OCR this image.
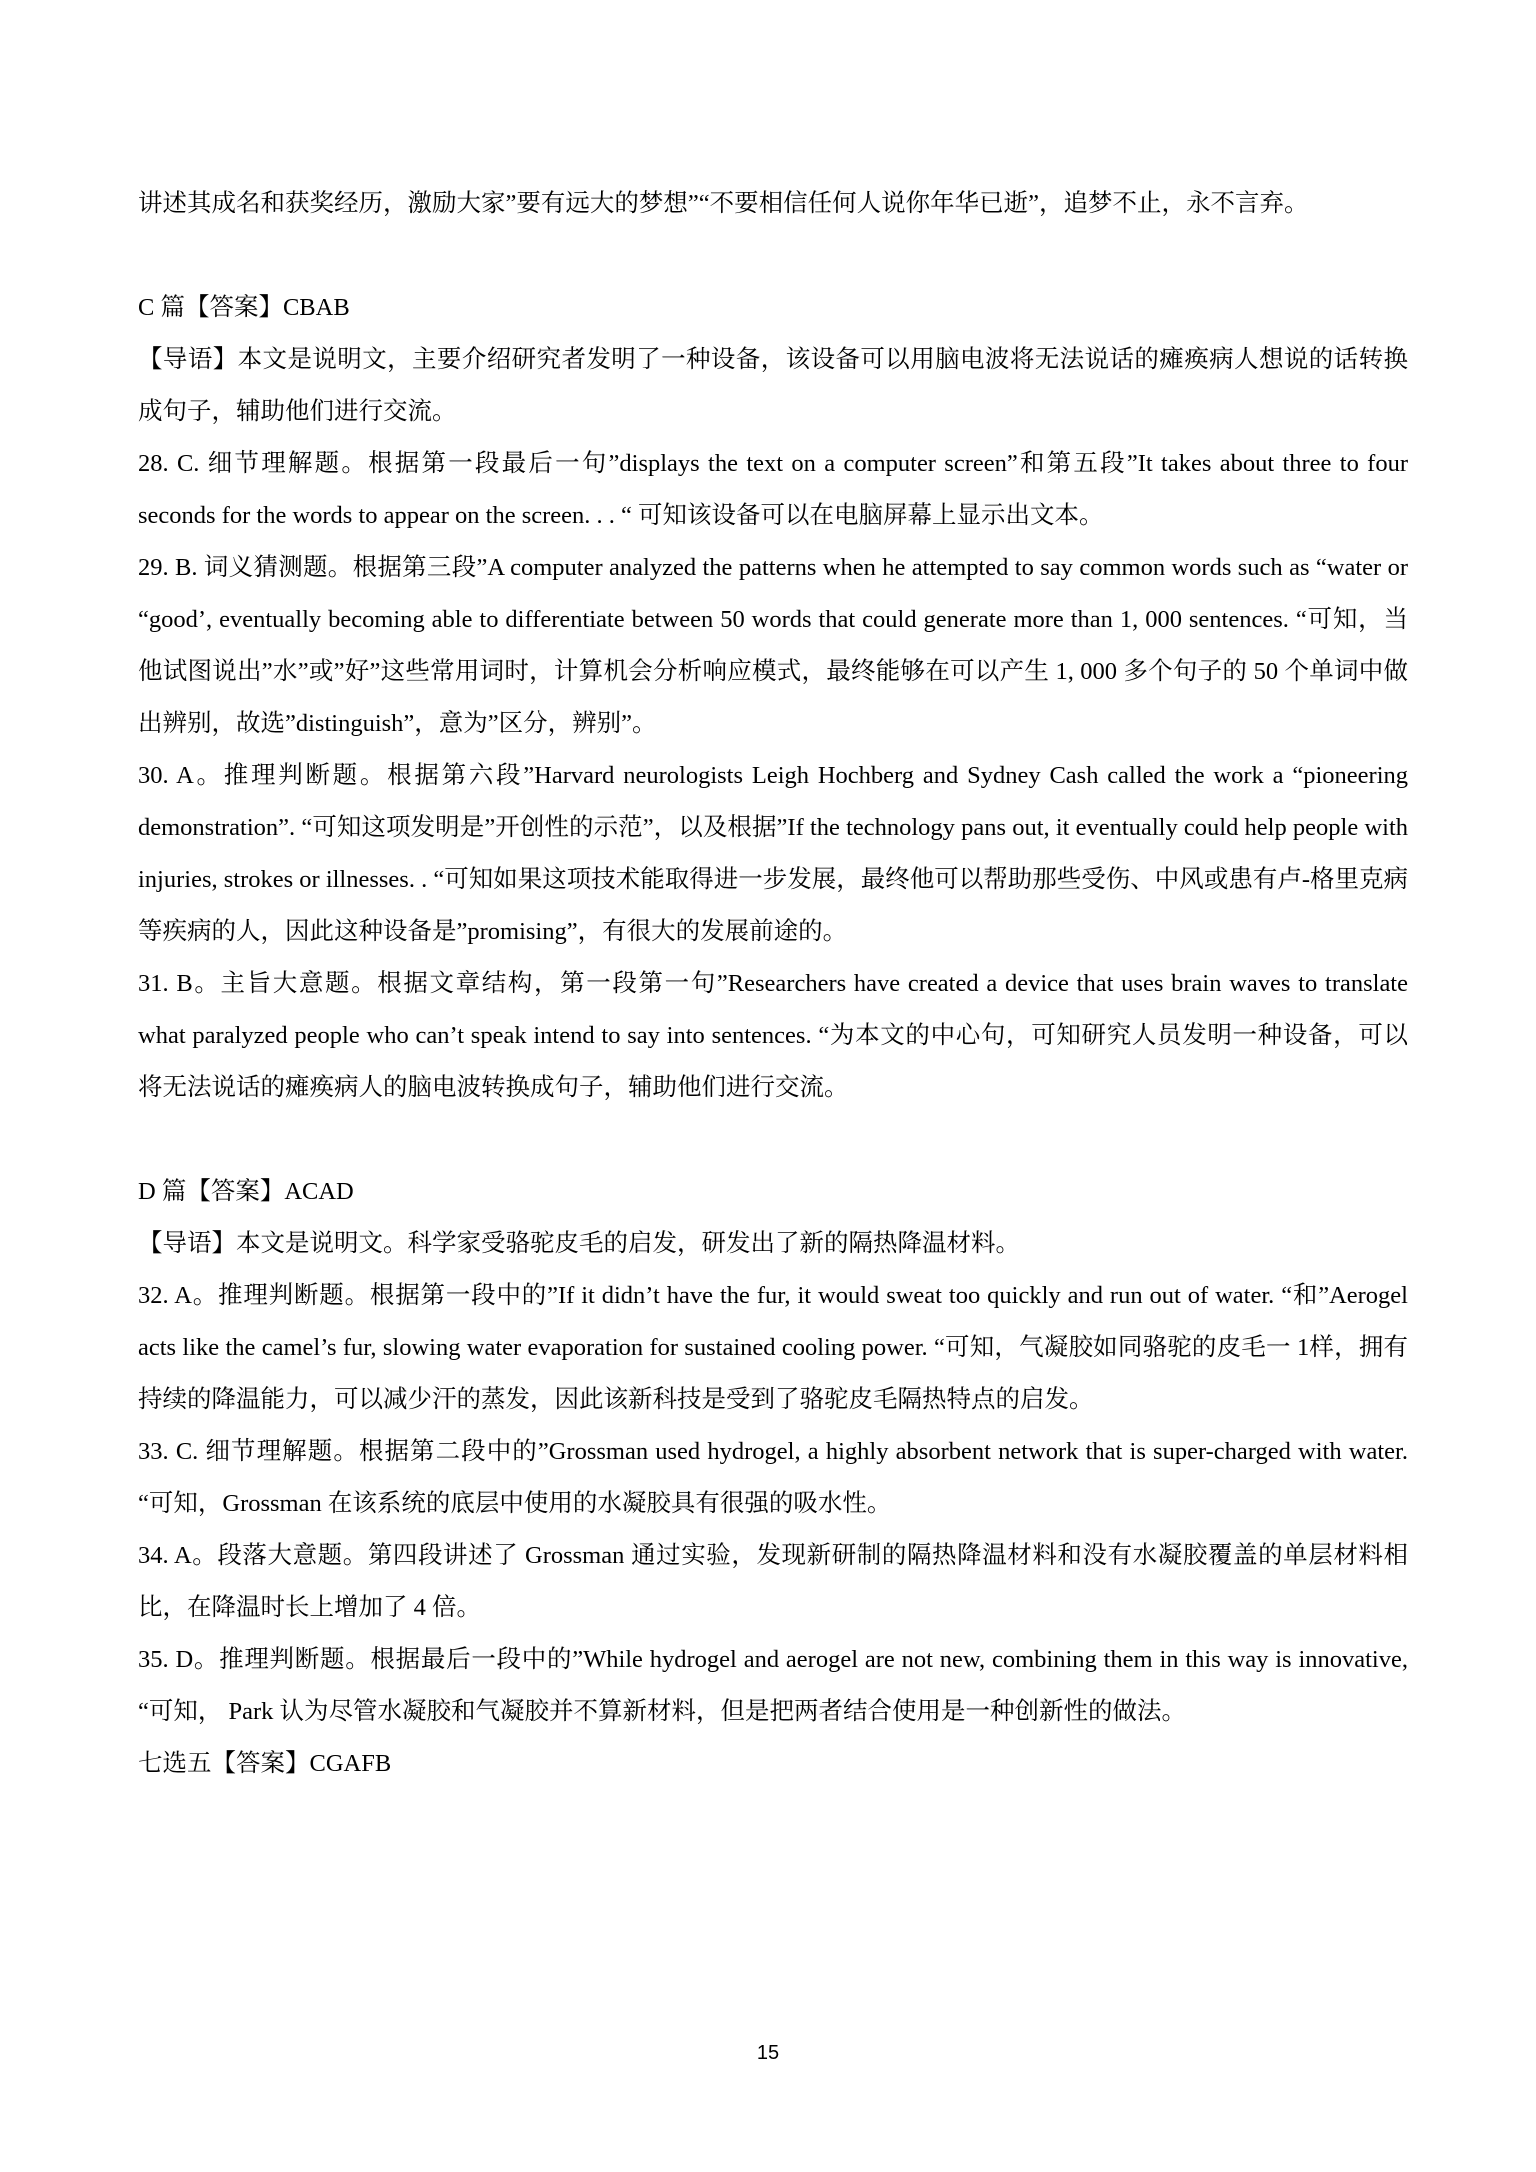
讲述其成名和获奖经历，激励大家”要有远大的梦想”“不要相信任何人说你年华已逝”，追梦不止，永不言弃。

C 篇【答案】CBAB

【导语】本文是说明文，主要介绍研究者发明了一种设备，该设备可以用脑电波将无法说话的瘫痪病人想说的话转换成句子，辅助他们进行交流。

28. C. 细节理解题。根据第一段最后一句”displays the text on a computer screen”和第五段”It takes about three to four seconds for the words to appear on the screen. . . “ 可知该设备可以在电脑屏幕上显示出文本。

29. B. 词义猜测题。根据第三段”A computer analyzed the patterns when he attempted to say common words such as “water or “good’, eventually becoming able to differentiate between 50 words that could generate more than 1, 000 sentences. “可知，当他试图说出”水”或”好”这些常用词时，计算机会分析响应模式，最终能够在可以产生 1, 000 多个句子的 50 个单词中做出辨别，故选”distinguish”，意为”区分，辨别”。

30. A。推理判断题。根据第六段”Harvard neurologists Leigh Hochberg and Sydney Cash called the work a “pioneering demonstration”. “可知这项发明是”开创性的示范”，以及根据”If the technology pans out, it eventually could help people with injuries, strokes or illnesses. . “可知如果这项技术能取得进一步发展，最终他可以帮助那些受伤、中风或患有卢-格里克病等疾病的人，因此这种设备是”promising”，有很大的发展前途的。

31. B。主旨大意题。根据文章结构，第一段第一句”Researchers have created a device that uses brain waves to translate what paralyzed people who can’t speak intend to say into sentences. “为本文的中心句，可知研究人员发明一种设备，可以将无法说话的瘫痪病人的脑电波转换成句子，辅助他们进行交流。

D 篇【答案】ACAD

【导语】本文是说明文。科学家受骆驼皮毛的启发，研发出了新的隔热降温材料。

32. A。推理判断题。根据第一段中的”If it didn’t have the fur, it would sweat too quickly and run out of water. “和”Aerogel acts like the camel’s fur, slowing water evaporation for sustained cooling power. “可知，气凝胶如同骆驼的皮毛一 1样，拥有持续的降温能力，可以减少汗的蒸发，因此该新科技是受到了骆驼皮毛隔热特点的启发。

33. C. 细节理解题。根据第二段中的”Grossman used hydrogel, a highly absorbent network that is super-charged with water. “可知，Grossman 在该系统的底层中使用的水凝胶具有很强的吸水性。

34. A。段落大意题。第四段讲述了 Grossman 通过实验，发现新研制的隔热降温材料和没有水凝胶覆盖的单层材料相比，在降温时长上增加了 4 倍。

35. D。推理判断题。根据最后一段中的”While hydrogel and aerogel are not new, combining them in this way is innovative, “可知， Park 认为尽管水凝胶和气凝胶并不算新材料，但是把两者结合使用是一种创新性的做法。

七选五【答案】CGAFB

15
